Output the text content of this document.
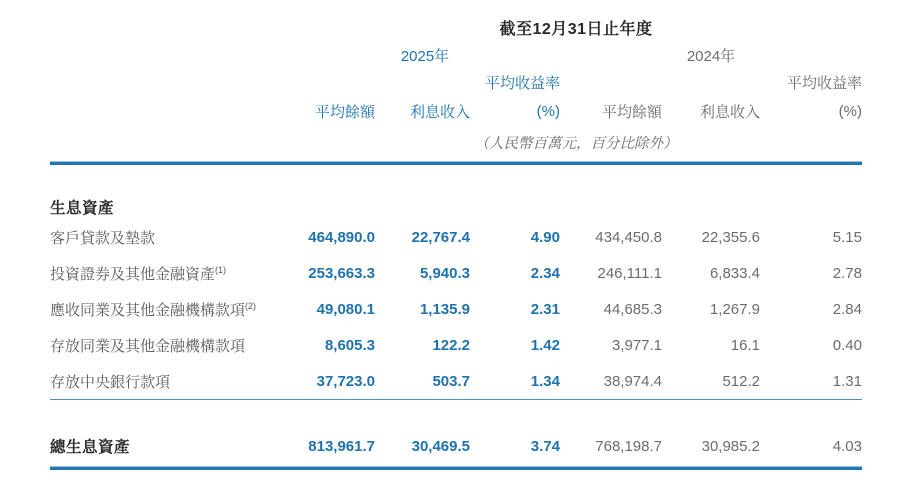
截至12月31日止年度
2025年	2024年
平均收益率	平均收益率
平均餘額	利息收入	(%)	平均餘額	利息收入	(%)
（人民幣百萬元，百分比除外）
生息資產
客戶貸款及墊款	464,890.0	22,767.4	4.90	434,450.8	22,355.6	5.15
投資證券及其他金融資產$^{(1)}$	253,663.3	5,940.3	2.34	246,111.1	6,833.4	2.78
應收同業及其他金融機構款項$^{(2)}$	49,080.1	1,135.9	2.31	44,685.3	1,267.9	2.84
存放同業及其他金融機構款項	8,605.3	122.2	1.42	3,977.1	16.1	0.40
存放中央銀行款項	37,723.0	503.7	1.34	38,974.4	512.2	1.31
總生息資產	813,961.7	30,469.5	3.74	768,198.7	30,985.2	4.03
